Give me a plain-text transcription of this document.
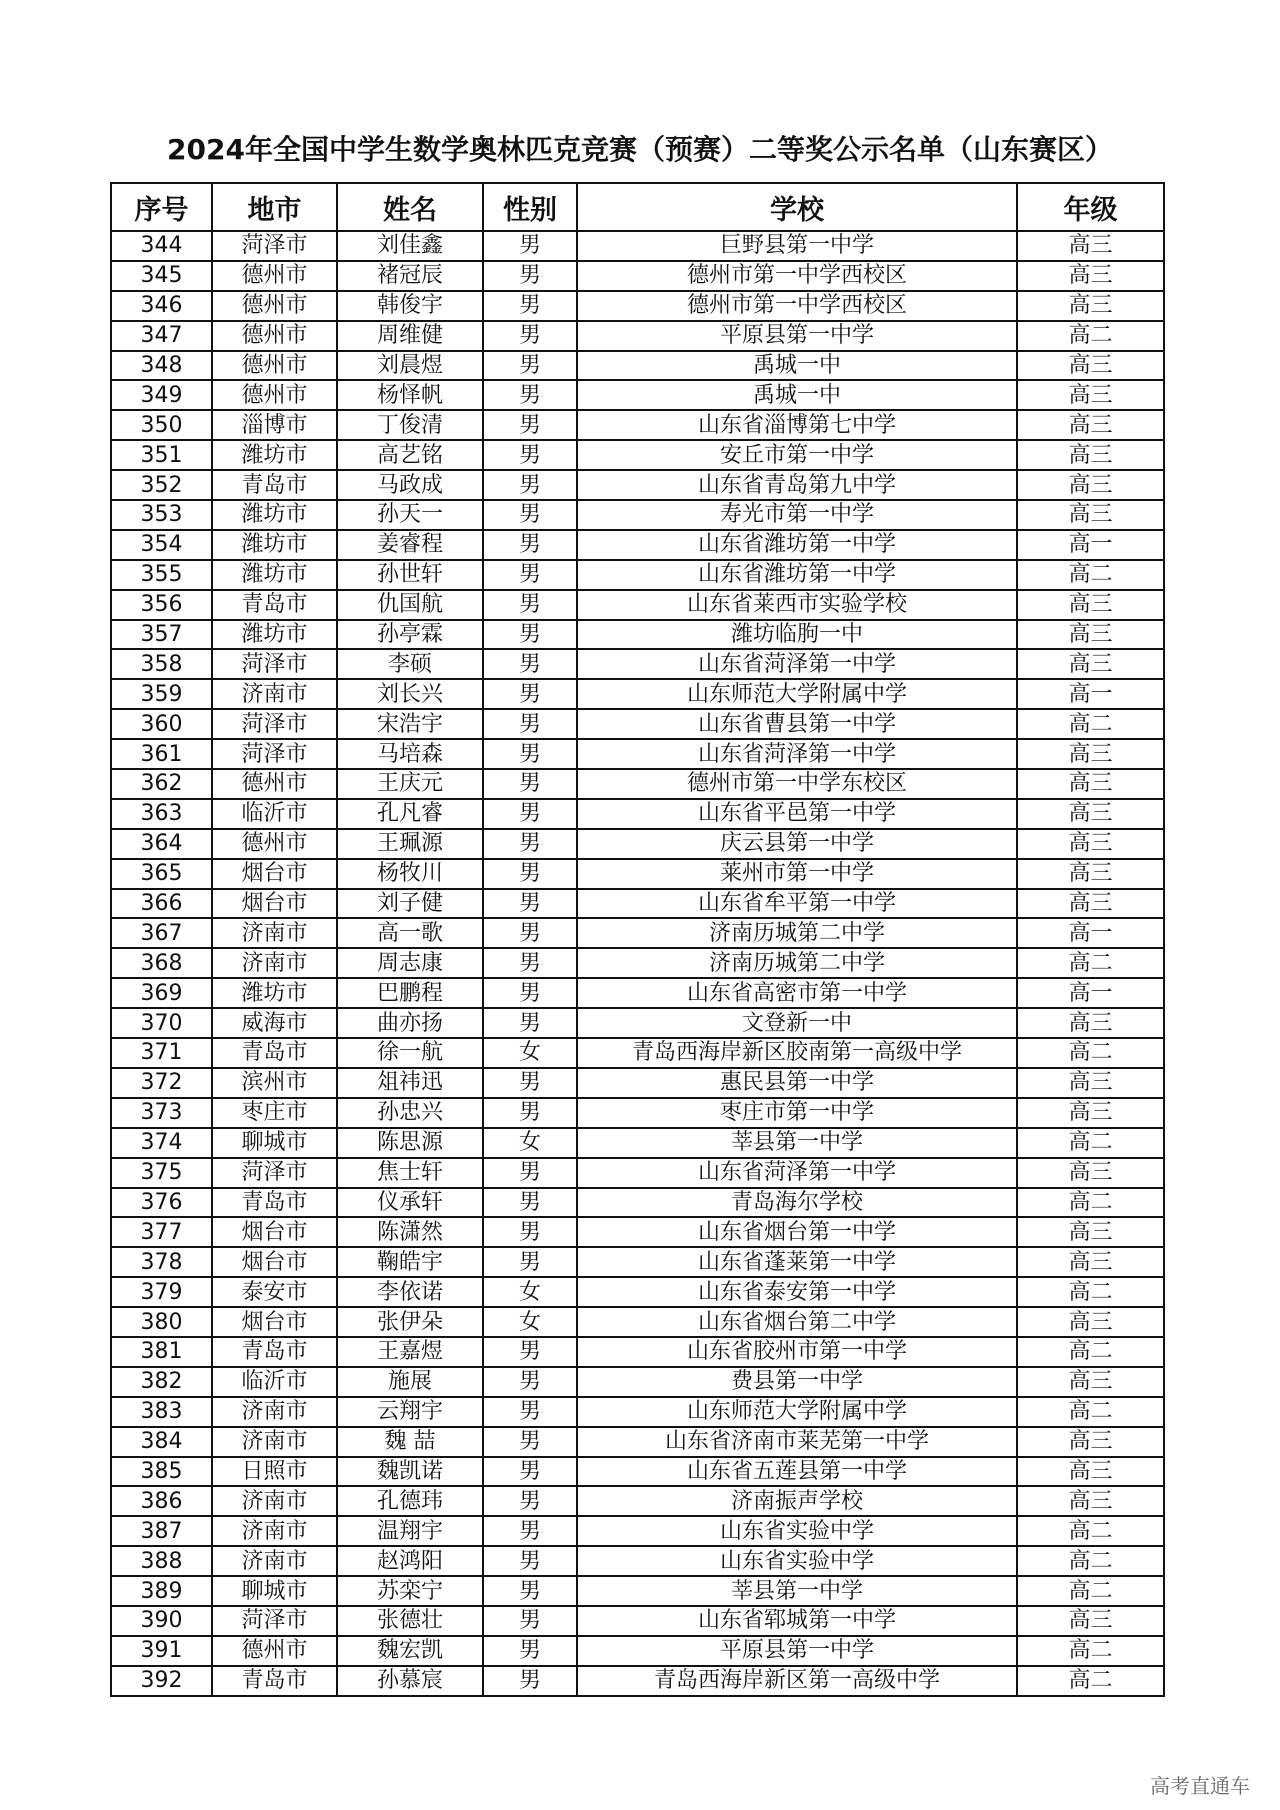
2024年全国中学生数学奥林匹克竞赛（预赛）二等奖公示名单（山东赛区）
序号	地市	姓名	性别	学校	年级
344	菏泽市	刘佳鑫	男	巨野县第一中学	高三
345	德州市	褚冠辰	男	德州市第一中学西校区	高三
346	德州市	韩俊宇	男	德州市第一中学西校区	高三
347	德州市	周维健	男	平原县第一中学	高二
348	德州市	刘晨煜	男	禹城一中	高三
349	德州市	杨怿帆	男	禹城一中	高三
350	淄博市	丁俊清	男	山东省淄博第七中学	高三
351	潍坊市	高艺铭	男	安丘市第一中学	高三
352	青岛市	马政成	男	山东省青岛第九中学	高三
353	潍坊市	孙天一	男	寿光市第一中学	高三
354	潍坊市	姜睿程	男	山东省潍坊第一中学	高一
355	潍坊市	孙世轩	男	山东省潍坊第一中学	高二
356	青岛市	仇国航	男	山东省莱西市实验学校	高三
357	潍坊市	孙亭霖	男	潍坊临朐一中	高三
358	菏泽市	李硕	男	山东省菏泽第一中学	高三
359	济南市	刘长兴	男	山东师范大学附属中学	高一
360	菏泽市	宋浩宇	男	山东省曹县第一中学	高二
361	菏泽市	马培森	男	山东省菏泽第一中学	高三
362	德州市	王庆元	男	德州市第一中学东校区	高三
363	临沂市	孔凡睿	男	山东省平邑第一中学	高三
364	德州市	王珮源	男	庆云县第一中学	高三
365	烟台市	杨牧川	男	莱州市第一中学	高三
366	烟台市	刘子健	男	山东省牟平第一中学	高三
367	济南市	高一歌	男	济南历城第二中学	高一
368	济南市	周志康	男	济南历城第二中学	高二
369	潍坊市	巴鹏程	男	山东省高密市第一中学	高一
370	威海市	曲亦扬	男	文登新一中	高三
371	青岛市	徐一航	女	青岛西海岸新区胶南第一高级中学	高二
372	滨州市	俎祎迅	男	惠民县第一中学	高三
373	枣庄市	孙忠兴	男	枣庄市第一中学	高三
374	聊城市	陈思源	女	莘县第一中学	高二
375	菏泽市	焦士轩	男	山东省菏泽第一中学	高三
376	青岛市	仪承轩	男	青岛海尔学校	高二
377	烟台市	陈潇然	男	山东省烟台第一中学	高三
378	烟台市	鞠皓宇	男	山东省蓬莱第一中学	高三
379	泰安市	李依诺	女	山东省泰安第一中学	高二
380	烟台市	张伊朵	女	山东省烟台第二中学	高三
381	青岛市	王嘉煜	男	山东省胶州市第一中学	高二
382	临沂市	施展	男	费县第一中学	高三
383	济南市	云翔宇	男	山东师范大学附属中学	高二
384	济南市	魏 喆	男	山东省济南市莱芜第一中学	高三
385	日照市	魏凯诺	男	山东省五莲县第一中学	高三
386	济南市	孔德玮	男	济南振声学校	高三
387	济南市	温翔宇	男	山东省实验中学	高二
388	济南市	赵鸿阳	男	山东省实验中学	高二
389	聊城市	苏栾宁	男	莘县第一中学	高二
390	菏泽市	张德壮	男	山东省郓城第一中学	高三
391	德州市	魏宏凯	男	平原县第一中学	高二
392	青岛市	孙慕宸	男	青岛西海岸新区第一高级中学	高二
高考直通车
